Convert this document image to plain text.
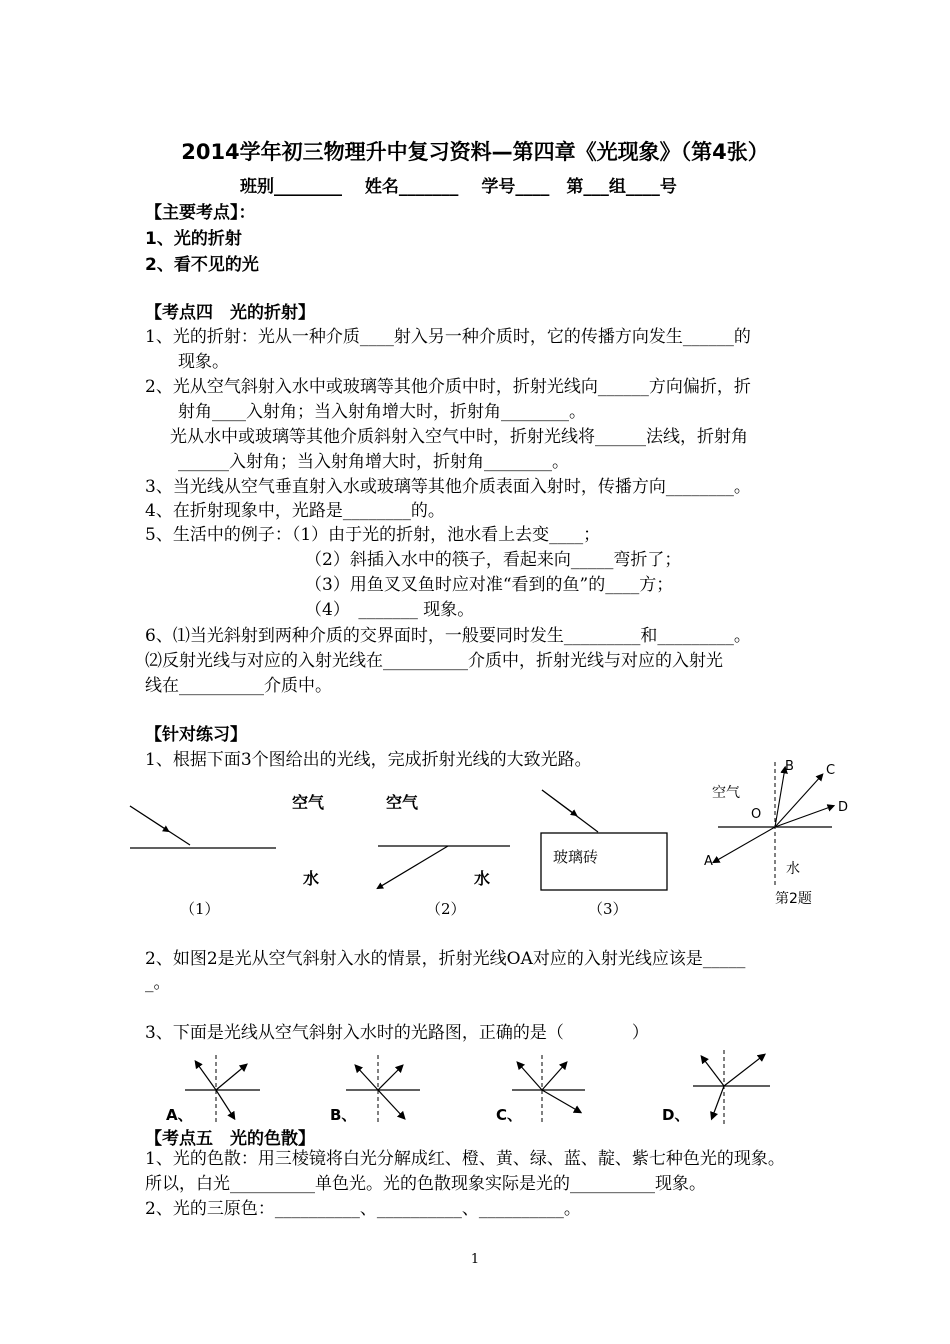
2014学年初三物理升中复习资料—第四章《光现象》（第4张）
班别________　 姓名_______　 学号____　第___组____号
【主要考点】：
1、光的折射
2、看不见的光
【考点四　光的折射】
1、光的折射：光从一种介质____射入另一种介质时，它的传播方向发生______的
现象。
2、光从空气斜射入水中或玻璃等其他介质中时，折射光线向______方向偏折，折
射角____入射角；当入射角增大时，折射角________。
光从水中或玻璃等其他介质斜射入空气中时，折射光线将______法线，折射角
______入射角；当入射角增大时，折射角________。
3、当光线从空气垂直射入水或玻璃等其他介质表面入射时，传播方向________。
4、在折射现象中，光路是________的。
5、生活中的例子：（1）由于光的折射，池水看上去变____；
（2）斜插入水中的筷子，看起来向_____弯折了；
（3）用鱼叉叉鱼时应对准“看到的鱼”的____方；
（4）　_______ 现象。
6、⑴当光斜射到两种介质的交界面时，一般要同时发生_________和_________。
⑵反射光线与对应的入射光线在__________介质中，折射光线与对应的入射光
线在__________介质中。
【针对练习】
1、根据下面3个图给出的光线，完成折射光线的大致光路。
空气
水
空气
水
玻璃砖
（1）	（2）	（3）
空气
水
B C
D
O
A
第2题
2、如图2是光从空气斜射入水的情景，折射光线OA对应的入射光线应该是_____
_。
3、下面是光线从空气斜射入水时的光路图，正确的是（　　　　）
A、	B、	C、	D、
【考点五　光的色散】
1、光的色散：用三棱镜将白光分解成红、橙、黄、绿、蓝、靛、紫七种色光的现象。
所以，白光__________单色光。光的色散现象实际是光的__________现象。
2、光的三原色：__________、__________、__________。
1
